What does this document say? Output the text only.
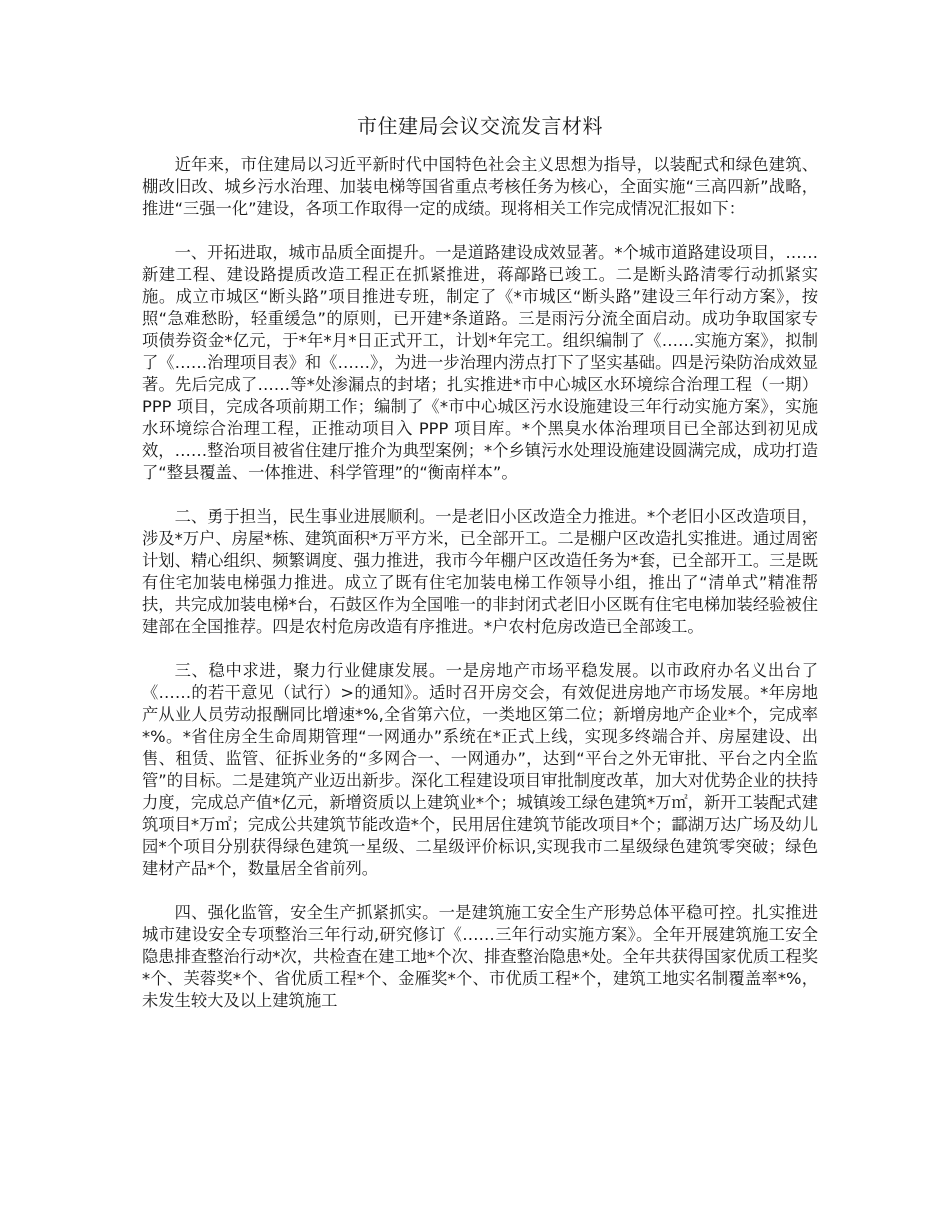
市住建局会议交流发言材料

近年来，市住建局以习近平新时代中国特色社会主义思想为指导，以装配式和绿色建筑、棚改旧改、城乡污水治理、加装电梯等国省重点考核任务为核心，全面实施“三高四新”战略，推进“三强一化”建设，各项工作取得一定的成绩。现将相关工作完成情况汇报如下：

一、开拓进取，城市品质全面提升。一是道路建设成效显著。*个城市道路建设项目，……新建工程、建设路提质改造工程正在抓紧推进，蒋鄗路已竣工。二是断头路清零行动抓紧实施。成立市城区“断头路”项目推进专班，制定了《*市城区“断头路”建设三年行动方案》，按照“急难愁盼，轻重缓急”的原则，已开建*条道路。三是雨污分流全面启动。成功争取国家专项债券资金*亿元，于*年*月*日正式开工，计划*年完工。组织编制了《……实施方案》，拟制了《……治理项目表》和《……》，为进一步治理内涝点打下了坚实基础。四是污染防治成效显著。先后完成了……等*处渗漏点的封堵；扎实推进*市中心城区水环境综合治理工程（一期）PPP 项目，完成各项前期工作；编制了《*市中心城区污水设施建设三年行动实施方案》，实施水环境综合治理工程，正推动项目入 PPP 项目库。*个黑臭水体治理项目已全部达到初见成效，……整治项目被省住建厅推介为典型案例；*个乡镇污水处理设施建设圆满完成，成功打造了“整县覆盖、一体推进、科学管理”的“衡南样本”。

二、勇于担当，民生事业进展顺利。一是老旧小区改造全力推进。*个老旧小区改造项目，涉及*万户、房屋*栋、建筑面积*万平方米，已全部开工。二是棚户区改造扎实推进。通过周密计划、精心组织、频繁调度、强力推进，我市今年棚户区改造任务为*套，已全部开工。三是既有住宅加装电梯强力推进。成立了既有住宅加装电梯工作领导小组，推出了“清单式”精准帮扶，共完成加装电梯*台，石鼓区作为全国唯一的非封闭式老旧小区既有住宅电梯加装经验被住建部在全国推荐。四是农村危房改造有序推进。*户农村危房改造已全部竣工。

三、稳中求进，聚力行业健康发展。一是房地产市场平稳发展。以市政府办名义出台了《……的若干意见（试行）>的通知》。适时召开房交会，有效促进房地产市场发展。*年房地产从业人员劳动报酬同比增速*%,全省第六位，一类地区第二位；新增房地产企业*个，完成率*%。*省住房全生命周期管理“一网通办”系统在*正式上线，实现多终端合并、房屋建设、出售、租赁、监管、征拆业务的“多网合一、一网通办”，达到“平台之外无审批、平台之内全监管”的目标。二是建筑产业迈出新步。深化工程建设项目审批制度改革，加大对优势企业的扶持力度，完成总产值*亿元，新增资质以上建筑业*个；城镇竣工绿色建筑*万㎡，新开工装配式建筑项目*万㎡；完成公共建筑节能改造*个，民用居住建筑节能改项目*个；酃湖万达广场及幼儿园*个项目分别获得绿色建筑一星级、二星级评价标识,实现我市二星级绿色建筑零突破；绿色建材产品*个，数量居全省前列。

四、强化监管，安全生产抓紧抓实。一是建筑施工安全生产形势总体平稳可控。扎实推进城市建设安全专项整治三年行动,研究修订《……三年行动实施方案》。全年开展建筑施工安全隐患排查整治行动*次，共检查在建工地*个次、排查整治隐患*处。全年共获得国家优质工程奖*个、芙蓉奖*个、省优质工程*个、金雁奖*个、市优质工程*个，建筑工地实名制覆盖率*%，未发生较大及以上建筑施工
